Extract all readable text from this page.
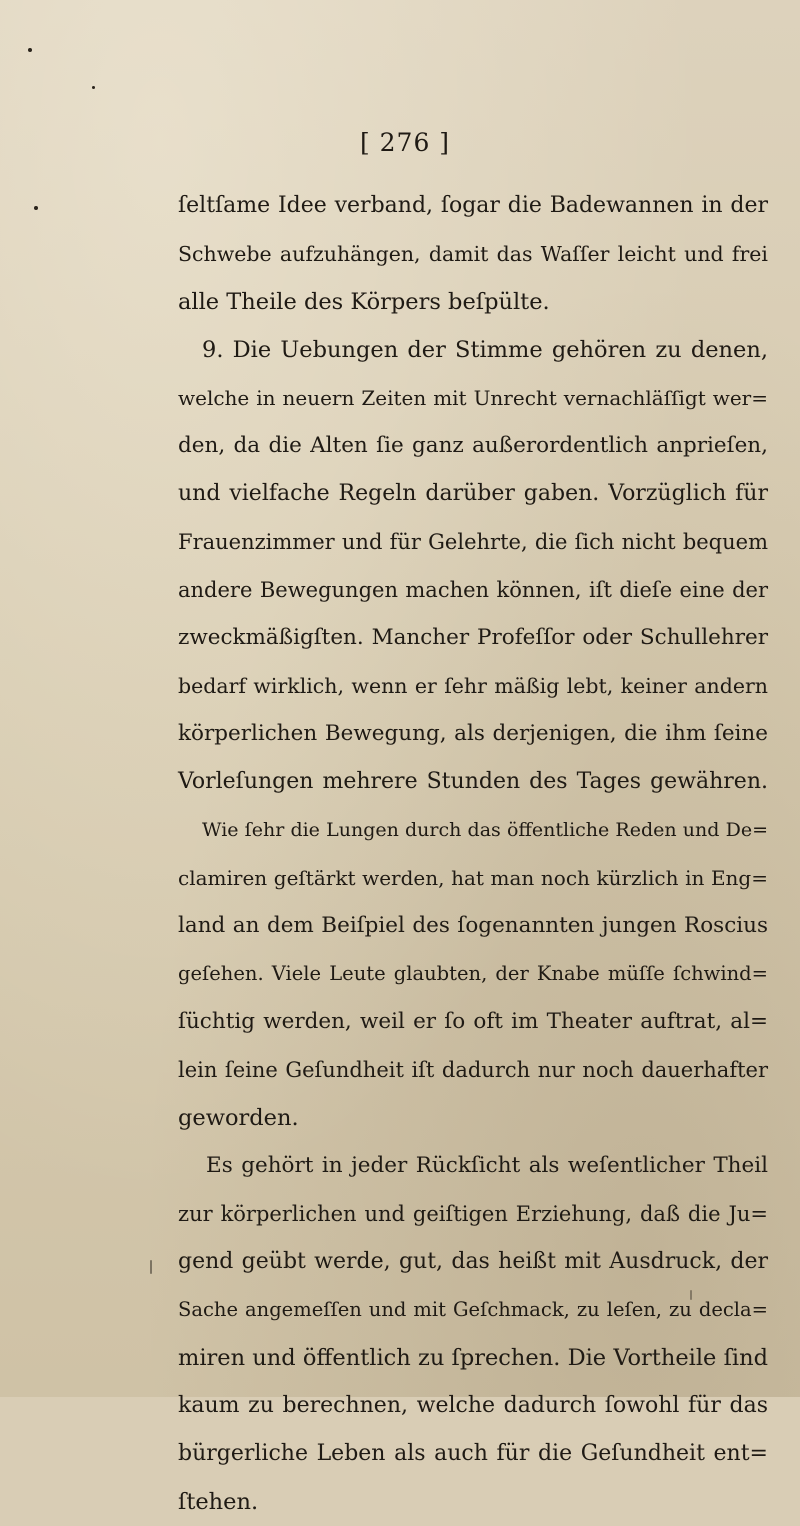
[ 276 ]
ſeltſame Idee verband, ſogar die Badewannen in der
Schwebe aufzuhängen, damit das Waſſer leicht und frei
alle Theile des Körpers beſpülte.
9. Die Uebungen der Stimme gehören zu denen,
welche in neuern Zeiten mit Unrecht vernachläſſigt wer=
den, da die Alten ſie ganz außerordentlich anprieſen,
und vielfache Regeln darüber gaben. Vorzüglich für
Frauenzimmer und für Gelehrte, die ſich nicht bequem
andere Bewegungen machen können, iſt dieſe eine der
zweckmäßigſten. Mancher Profeſſor oder Schullehrer
bedarf wirklich, wenn er ſehr mäßig lebt, keiner andern
körperlichen Bewegung, als derjenigen, die ihm ſeine
Vorleſungen mehrere Stunden des Tages gewähren.
Wie ſehr die Lungen durch das öffentliche Reden und De=
clamiren geſtärkt werden, hat man noch kürzlich in Eng=
land an dem Beiſpiel des ſogenannten jungen Roscius
geſehen. Viele Leute glaubten, der Knabe müſſe ſchwind=
ſüchtig werden, weil er ſo oft im Theater auftrat, al=
lein ſeine Geſundheit iſt dadurch nur noch dauerhafter
geworden.
Es gehört in jeder Rückſicht als weſentlicher Theil
zur körperlichen und geiſtigen Erziehung, daß die Ju=
gend geübt werde, gut, das heißt mit Ausdruck, der
Sache angemeſſen und mit Geſchmack, zu leſen, zu decla=
miren und öffentlich zu ſprechen. Die Vortheile ſind
kaum zu berechnen, welche dadurch ſowohl für das
bürgerliche Leben als auch für die Geſundheit ent=
ſtehen.
